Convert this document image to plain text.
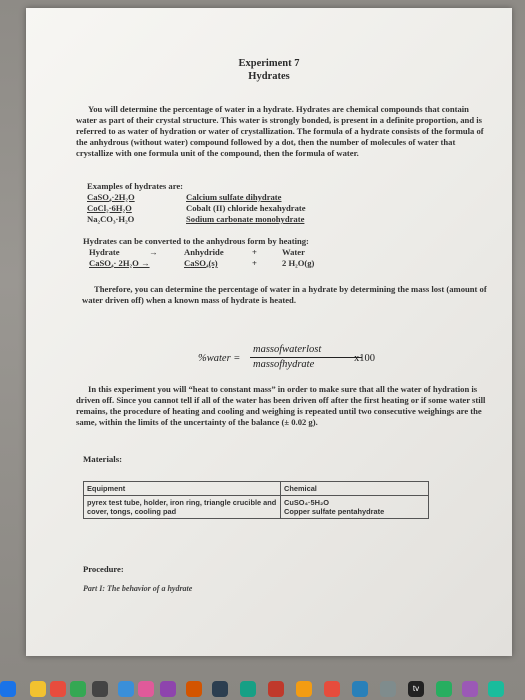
Experiment 7
Hydrates
You will determine the percentage of water in a hydrate. Hydrates are chemical compounds that contain water as part of their crystal structure. This water is strongly bonded, is present in a definite proportion, and is referred to as water of hydration or water of crystallization. The formula of a hydrate consists of the formula of the anhydrous (without water) compound followed by a dot, then the number of molecules of water that crystallize with one formula unit of the compound, then the formula of water.
Examples of hydrates are:
CaSO₄·2H₂O	Calcium sulfate dihydrate
CoCl₂·6H₂O	Cobalt (II) chloride hexahydrate
Na₂CO₃·H₂O	Sodium carbonate monohydrate
Hydrates can be converted to the anhydrous form by heating:
Hydrate	→	Anhydride	+	Water
CaSO₄· 2H₂O →	CaSO₄(s)	+	2 H₂O(g)
Therefore, you can determine the percentage of water in a hydrate by determining the mass lost (amount of water driven off) when a known mass of hydrate is heated.
%water =
massofwaterlost
massofhydrate
x100
In this experiment you will “heat to constant mass” in order to make sure that all the water of hydration is driven off. Since you cannot tell if all of the water has been driven off after the first heating or if some water still remains, the procedure of heating and cooling and weighing is repeated until two consecutive weighings are the same, within the limits of the uncertainty of the balance (± 0.02 g).
Materials:
Equipment	Chemical
pyrex test tube, holder, iron ring, triangle crucible and cover, tongs, cooling pad	CuSO₄·5H₂O
Copper sulfate pentahydrate
Procedure:
Part I: The behavior of a hydrate
tv
